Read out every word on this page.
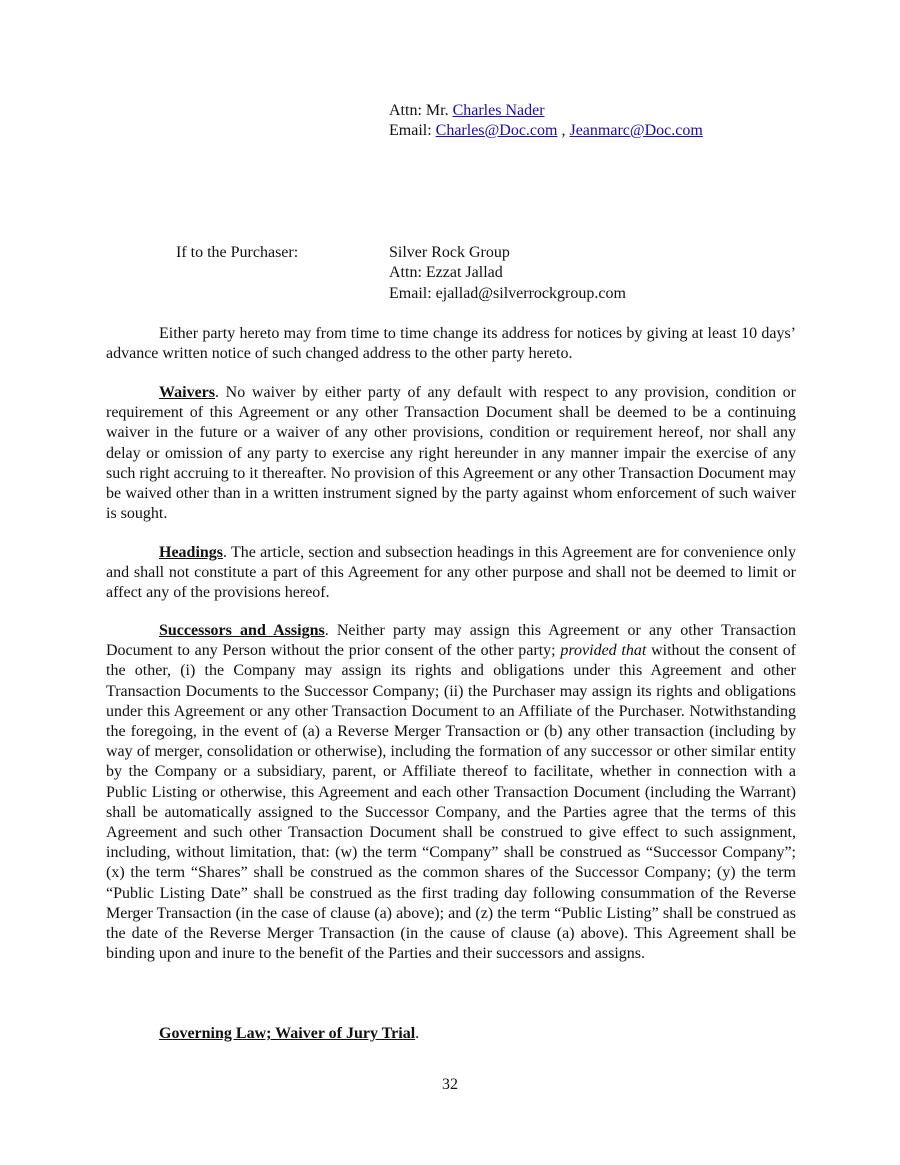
Attn: Mr. Charles Nader
Email: Charles@Doc.com , Jeanmarc@Doc.com
If to the Purchaser:	Silver Rock Group
Attn: Ezzat Jallad
Email: ejallad@silverrockgroup.com

Either party hereto may from time to time change its address for notices by giving at least 10 days’ advance written notice of such changed address to the other party hereto.

Waivers. No waiver by either party of any default with respect to any provision, condition or requirement of this Agreement or any other Transaction Document shall be deemed to be a continuing waiver in the future or a waiver of any other provisions, condition or requirement hereof, nor shall any delay or omission of any party to exercise any right hereunder in any manner impair the exercise of any such right accruing to it thereafter. No provision of this Agreement or any other Transaction Document may be waived other than in a written instrument signed by the party against whom enforcement of such waiver is sought.

Headings. The article, section and subsection headings in this Agreement are for convenience only and shall not constitute a part of this Agreement for any other purpose and shall not be deemed to limit or affect any of the provisions hereof.

Successors and Assigns. Neither party may assign this Agreement or any other Transaction Document to any Person without the prior consent of the other party; provided that without the consent of the other, (i) the Company may assign its rights and obligations under this Agreement and other Transaction Documents to the Successor Company; (ii) the Purchaser may assign its rights and obligations under this Agreement or any other Transaction Document to an Affiliate of the Purchaser. Notwithstanding the foregoing, in the event of (a) a Reverse Merger Transaction or (b) any other transaction (including by way of merger, consolidation or otherwise), including the formation of any successor or other similar entity by the Company or a subsidiary, parent, or Affiliate thereof to facilitate, whether in connection with a Public Listing or otherwise, this Agreement and each other Transaction Document (including the Warrant) shall be automatically assigned to the Successor Company, and the Parties agree that the terms of this Agreement and such other Transaction Document shall be construed to give effect to such assignment, including, without limitation, that: (w) the term “Company” shall be construed as “Successor Company”; (x) the term “Shares” shall be construed as the common shares of the Successor Company; (y) the term “Public Listing Date” shall be construed as the first trading day following consummation of the Reverse Merger Transaction (in the case of clause (a) above); and (z) the term “Public Listing” shall be construed as the date of the Reverse Merger Transaction (in the cause of clause (a) above). This Agreement shall be binding upon and inure to the benefit of the Parties and their successors and assigns.

Governing Law; Waiver of Jury Trial.

32
